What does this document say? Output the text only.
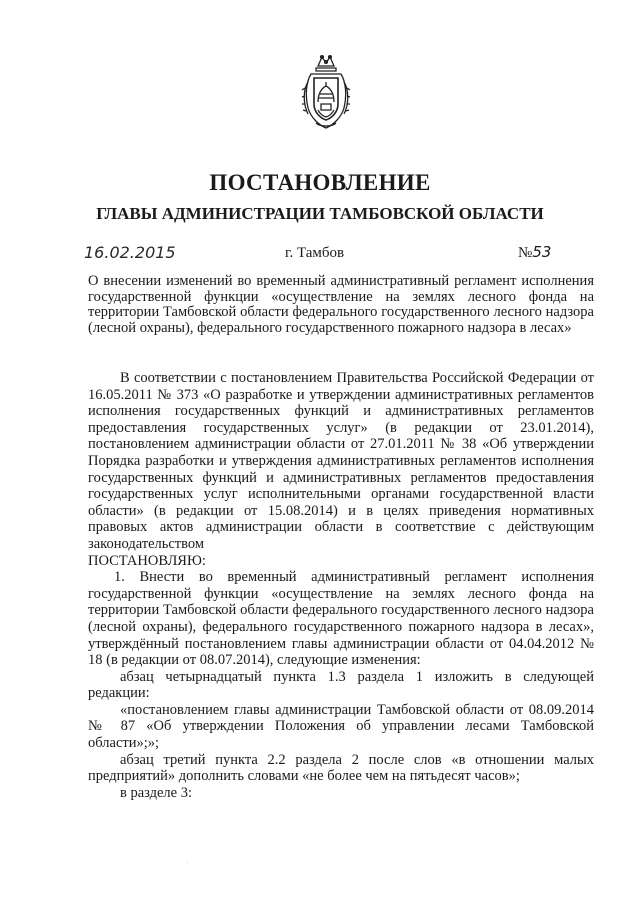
ПОСТАНОВЛЕНИЕ
ГЛАВЫ АДМИНИСТРАЦИИ ТАМБОВСКОЙ ОБЛАСТИ
16.02.2015	г. Тамбов	№53

О внесении изменений во временный административный регламент исполнения государственной функции «осуществление на землях лесного фонда на территории Тамбовской области федерального государственного лесного надзора (лесной охраны), федерального государственного пожарного надзора в лесах»

В соответствии с постановлением Правительства Российской Федерации от 16.05.2011 № 373 «О разработке и утверждении административных регламентов исполнения государственных функций и административных регламентов предоставления государственных услуг» (в редакции от 23.01.2014), постановлением администрации области от 27.01.2011 № 38 «Об утверждении Порядка разработки и утверждения административных регламентов исполнения государственных функций и административных регламентов предоставления государственных услуг исполнительными органами государственной власти области» (в редакции от 15.08.2014) и в целях приведения нормативных правовых актов администрации области в соответствие с действующим законодательством

ПОСТАНОВЛЯЮ:

1. Внести во временный административный регламент исполнения государственной функции «осуществление на землях лесного фонда на территории Тамбовской области федерального государственного лесного надзора (лесной охраны), федерального государственного пожарного надзора в лесах», утверждённый постановлением главы администрации области от 04.04.2012 № 18 (в редакции от 08.07.2014), следующие изменения:

абзац четырнадцатый пункта 1.3 раздела 1 изложить в следующей редакции:

«постановлением главы администрации Тамбовской области от 08.09.2014 № 87 «Об утверждении Положения об управлении лесами Тамбовской области»;»;

абзац третий пункта 2.2 раздела 2 после слов «в отношении малых предприятий» дополнить словами «не более чем на пятьдесят часов»;

в разделе 3:

·
